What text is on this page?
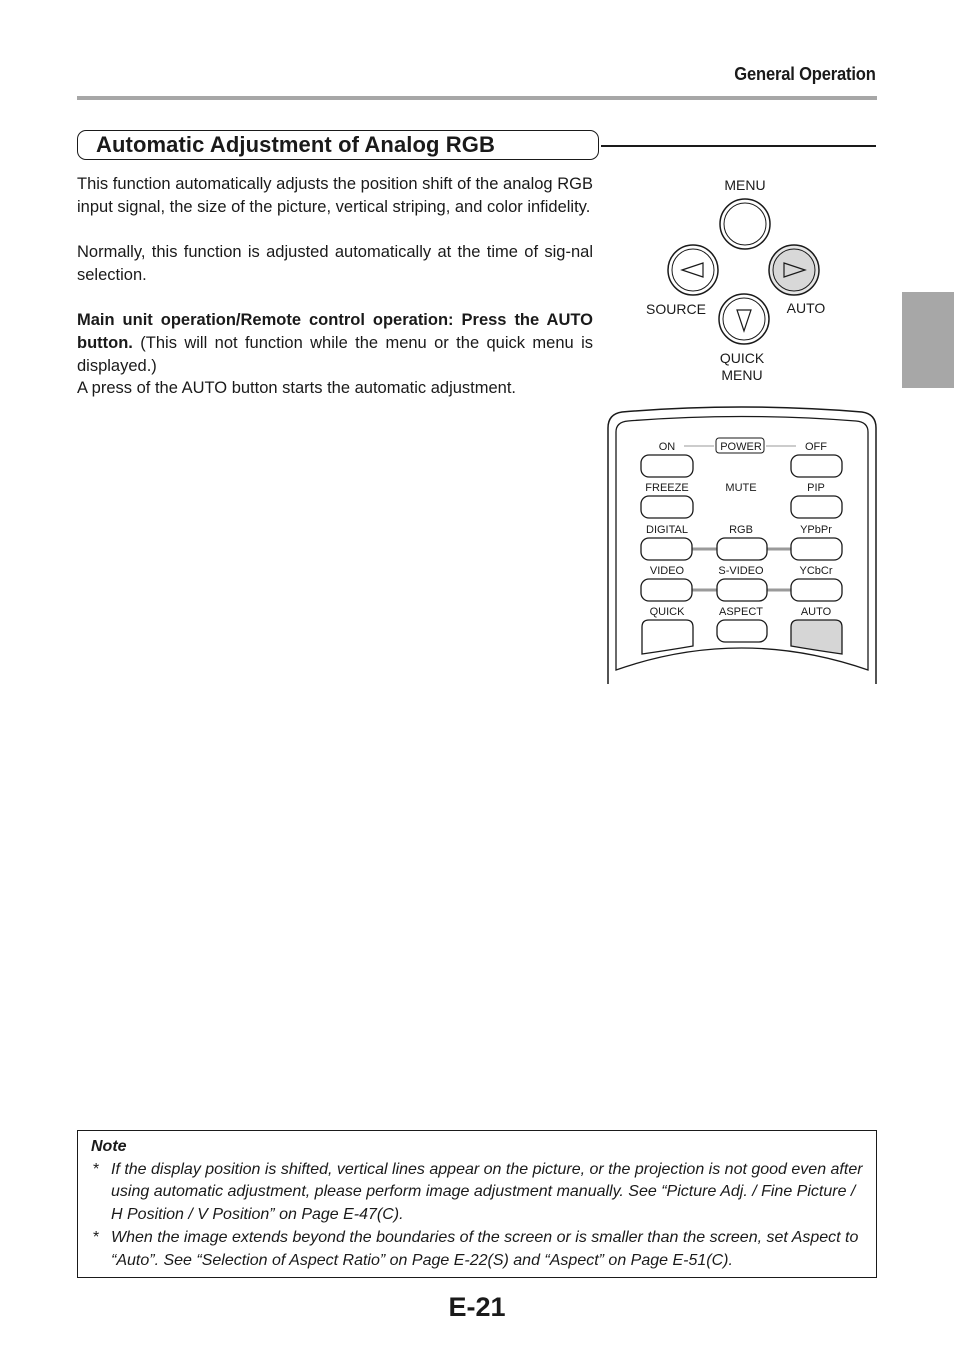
General Operation
Automatic Adjustment of Analog RGB

This function automatically adjusts the position shift of the analog RGB input signal, the size of the picture, vertical striping, and color infidelity.

Normally, this function is adjusted automatically at the time of sig-nal selection.

Main unit operation/Remote control operation: Press the AUTO button. (This will not function while the menu or the quick menu is displayed.)

A press of the AUTO button starts the automatic adjustment.

MENU
SOURCE	AUTO
QUICK
MENU
ON	POWER	OFF
FREEZE	MUTE	PIP
DIGITAL	RGB	YPbPr
VIDEO	S-VIDEO	YCbCr
QUICK	ASPECT	AUTO
Note
* If the display position is shifted, vertical lines appear on the picture, or the projection is not good even after using automatic adjustment, please perform image adjustment manually. See “Picture Adj. / Fine Picture / H Position / V Position” on Page E-47(C).
* When the image extends beyond the boundaries of the screen or is smaller than the screen, set Aspect to “Auto”. See “Selection of Aspect Ratio” on Page E-22(S) and “Aspect” on Page E-51(C).
E-21
